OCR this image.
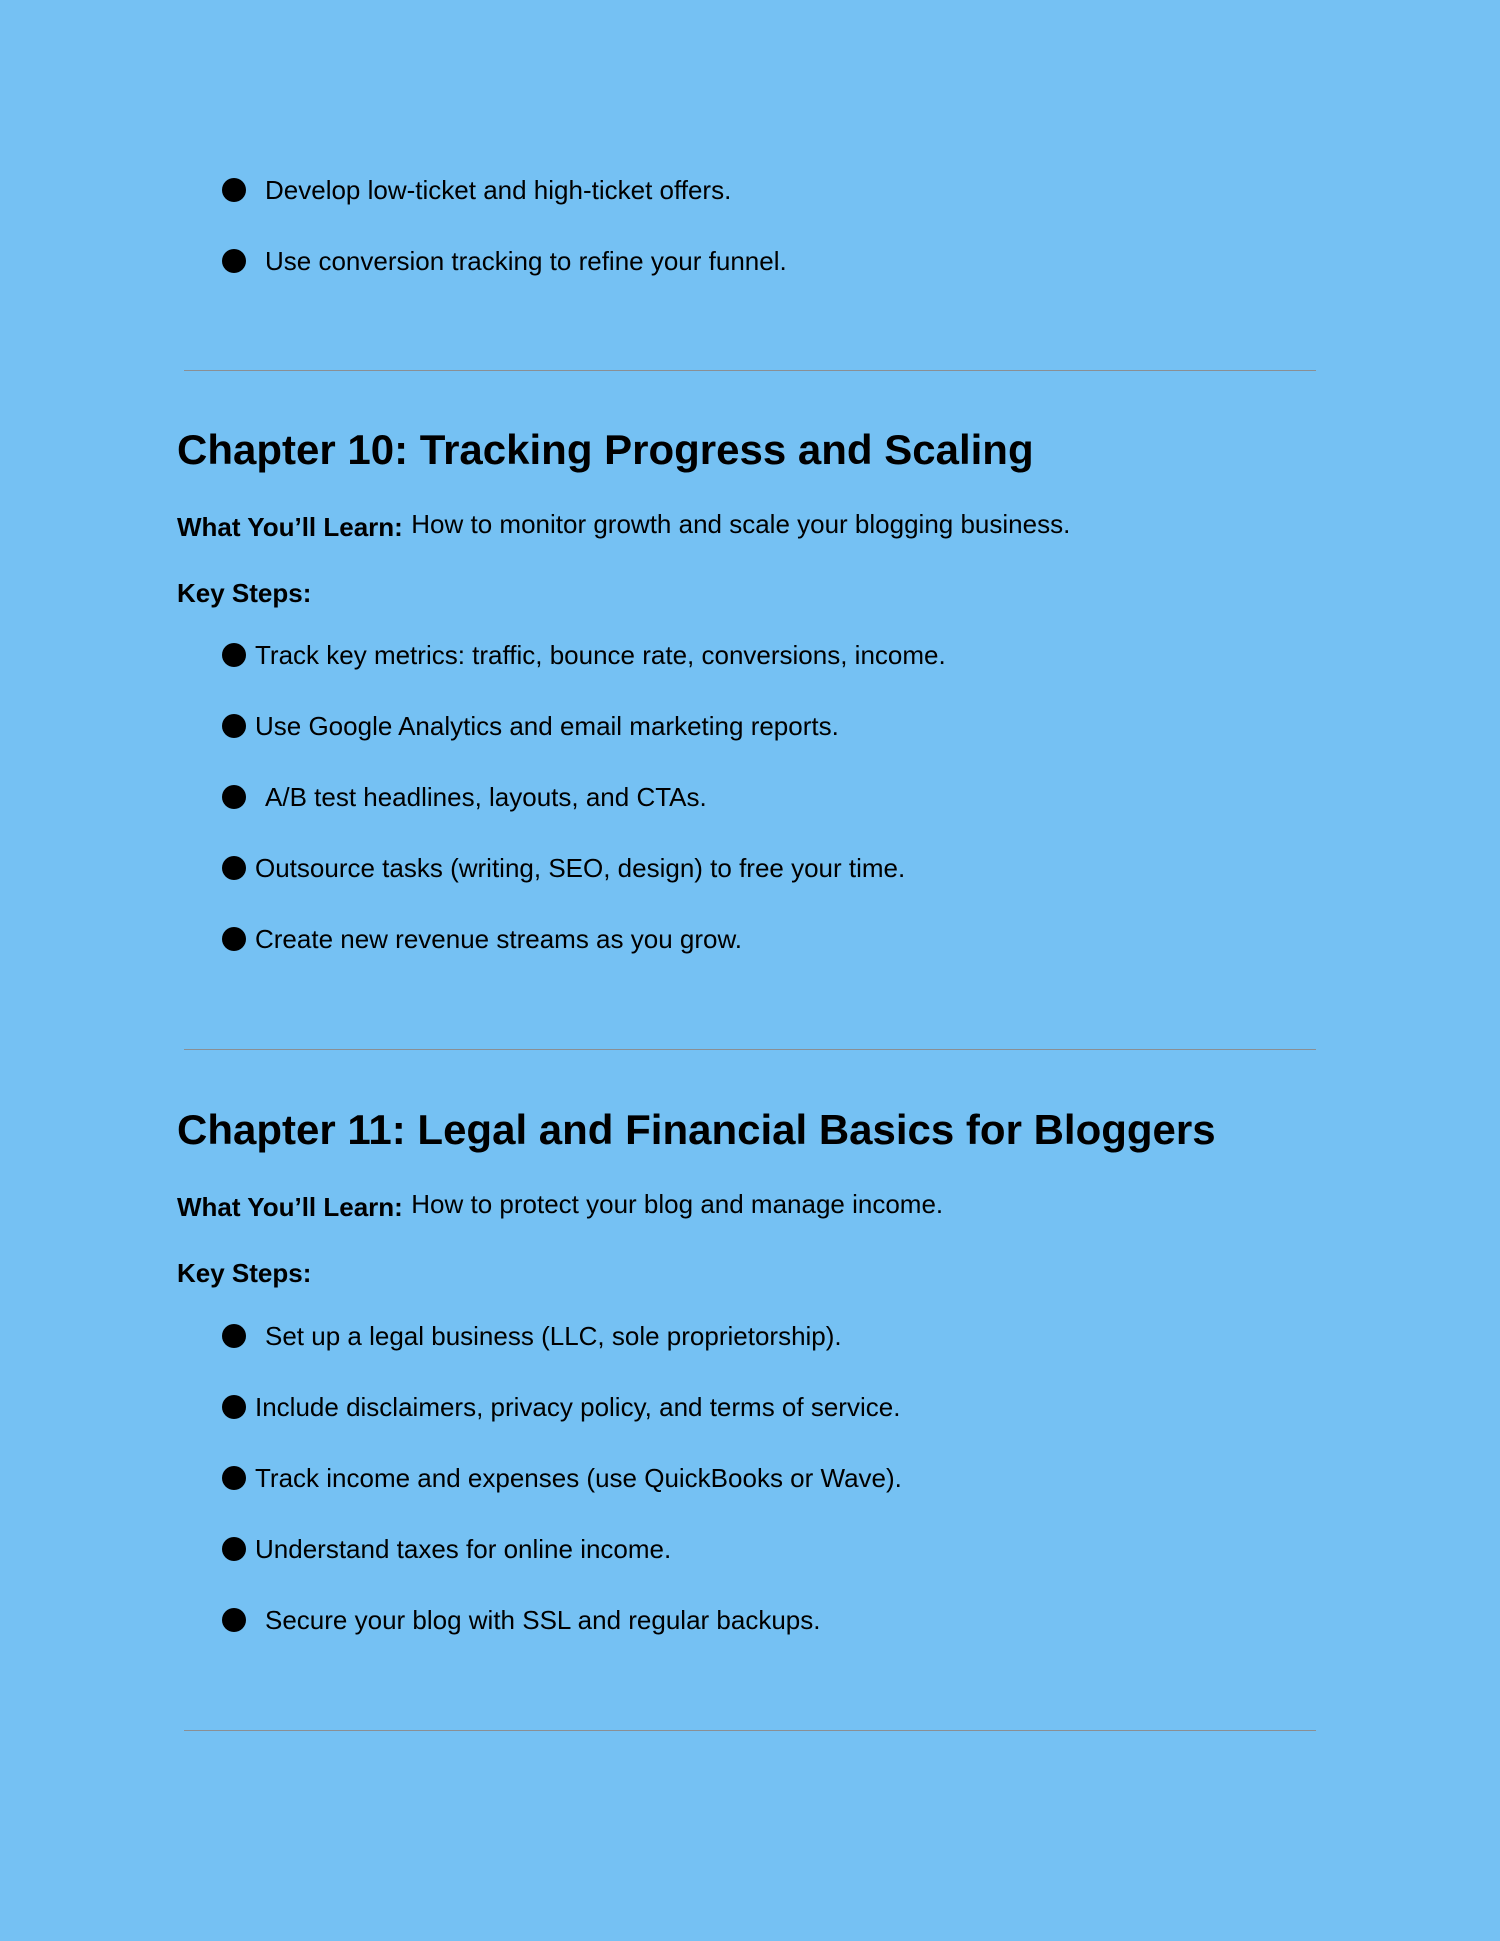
Develop low-ticket and high-ticket offers.
Use conversion tracking to refine your funnel.
Chapter 10: Tracking Progress and Scaling
What You’ll Learn: How to monitor growth and scale your blogging business.
Key Steps:
Track key metrics: traffic, bounce rate, conversions, income.
Use Google Analytics and email marketing reports.
A/B test headlines, layouts, and CTAs.
Outsource tasks (writing, SEO, design) to free your time.
Create new revenue streams as you grow.
Chapter 11: Legal and Financial Basics for Bloggers
What You’ll Learn: How to protect your blog and manage income.
Key Steps:
Set up a legal business (LLC, sole proprietorship).
Include disclaimers, privacy policy, and terms of service.
Track income and expenses (use QuickBooks or Wave).
Understand taxes for online income.
Secure your blog with SSL and regular backups.
